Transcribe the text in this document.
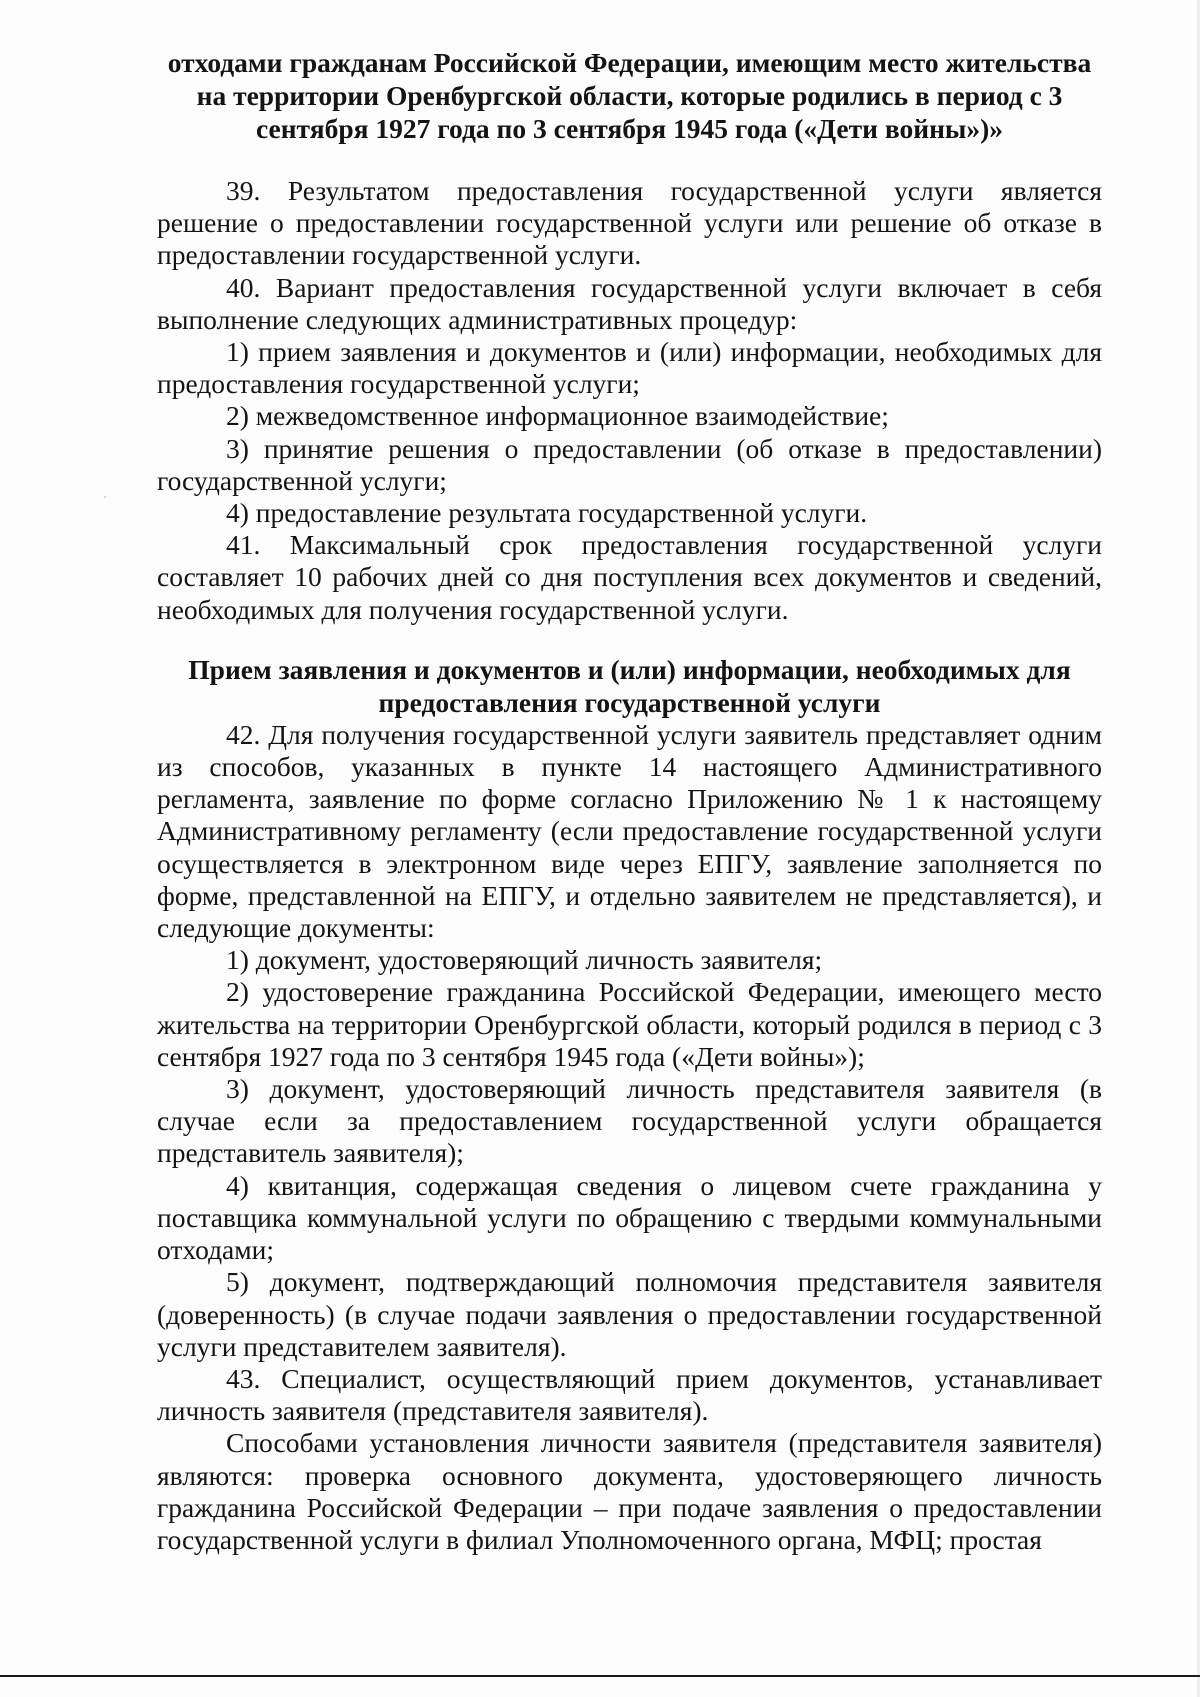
отходами гражданам Российской Федерации, имеющим место жительства на территории Оренбургской области, которые родились в период с 3 сентября 1927 года по 3 сентября 1945 года («Дети войны»)»

39. Результатом предоставления государственной услуги является решение о предоставлении государственной услуги или решение об отказе в предоставлении государственной услуги.

40. Вариант предоставления государственной услуги включает в себя выполнение следующих административных процедур:

1) прием заявления и документов и (или) информации, необходимых для предоставления государственной услуги;

2) межведомственное информационное взаимодействие;

3) принятие решения о предоставлении (об отказе в предоставлении) государственной услуги;

4) предоставление результата государственной услуги.

41. Максимальный срок предоставления государственной услуги составляет 10 рабочих дней со дня поступления всех документов и сведений, необходимых для получения государственной услуги.

Прием заявления и документов и (или) информации, необходимых для предоставления государственной услуги

42. Для получения государственной услуги заявитель представляет одним из способов, указанных в пункте 14 настоящего Административного регламента, заявление по форме согласно Приложению № 1 к настоящему Административному регламенту (если предоставление государственной услуги осуществляется в электронном виде через ЕПГУ, заявление заполняется по форме, представленной на ЕПГУ, и отдельно заявителем не представляется), и следующие документы:

1) документ, удостоверяющий личность заявителя;

2) удостоверение гражданина Российской Федерации, имеющего место жительства на территории Оренбургской области, который родился в период с 3 сентября 1927 года по 3 сентября 1945 года («Дети войны»);

3) документ, удостоверяющий личность представителя заявителя (в случае если за предоставлением государственной услуги обращается представитель заявителя);

4) квитанция, содержащая сведения о лицевом счете гражданина у поставщика коммунальной услуги по обращению с твердыми коммунальными отходами;

5) документ, подтверждающий полномочия представителя заявителя (доверенность) (в случае подачи заявления о предоставлении государственной услуги представителем заявителя).

43. Специалист, осуществляющий прием документов, устанавливает личность заявителя (представителя заявителя).

Способами установления личности заявителя (представителя заявителя) являются: проверка основного документа, удостоверяющего личность гражданина Российской Федерации – при подаче заявления о предоставлении государственной услуги в филиал Уполномоченного органа, МФЦ; простая
